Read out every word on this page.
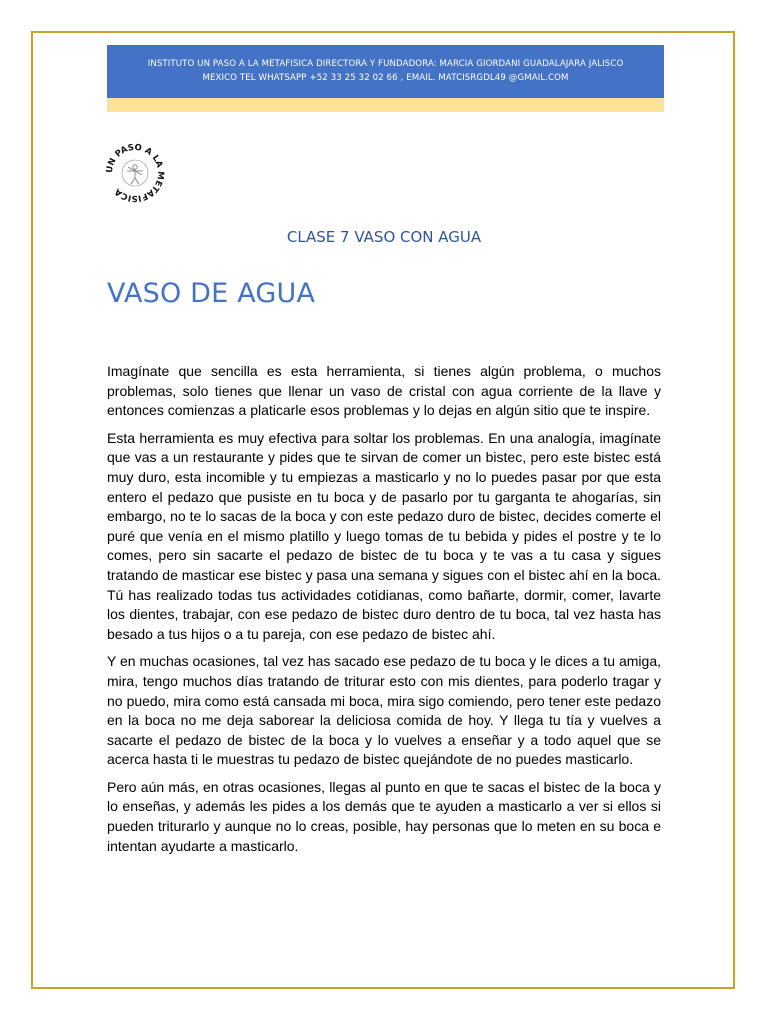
INSTITUTO UN PASO A LA METAFISICA DIRECTORA Y FUNDADORA: MARCIA GIORDANI GUADALAJARA JALISCO
MEXICO TEL WHATSAPP +52 33 25 32 02 66 , EMAIL. MATCISRGDL49 @GMAIL.COM
UN PASO A LA METAFISICA
CLASE 7 VASO CON AGUA
VASO DE AGUA

Imagínate que sencilla es esta herramienta, si tienes algún problema, o muchos problemas, solo tienes que llenar un vaso de cristal con agua corriente de la llave y entonces comienzas a platicarle esos problemas y lo dejas en algún sitio que te inspire.

Esta herramienta es muy efectiva para soltar los problemas. En una analogía, imagínate que vas a un restaurante y pides que te sirvan de comer un bistec, pero este bistec está muy duro, esta incomible y tu empiezas a masticarlo y no lo puedes pasar por que esta entero el pedazo que pusiste en tu boca y de pasarlo por tu garganta te ahogarías, sin embargo, no te lo sacas de la boca y con este pedazo duro de bistec, decides comerte el puré que venía en el mismo platillo y luego tomas de tu bebida y pides el postre y te lo comes, pero sin sacarte el pedazo de bistec de tu boca y te vas a tu casa y sigues tratando de masticar ese bistec y pasa una semana y sigues con el bistec ahí en la boca. Tú has realizado todas tus actividades cotidianas, como bañarte, dormir, comer, lavarte los dientes, trabajar, con ese pedazo de bistec duro dentro de tu boca, tal vez hasta has besado a tus hijos o a tu pareja, con ese pedazo de bistec ahí.

Y en muchas ocasiones, tal vez has sacado ese pedazo de tu boca y le dices a tu amiga, mira, tengo muchos días tratando de triturar esto con mis dientes, para poderlo tragar y no puedo, mira como está cansada mi boca, mira sigo comiendo, pero tener este pedazo en la boca no me deja saborear la deliciosa comida de hoy. Y llega tu tía y vuelves a sacarte el pedazo de bistec de la boca y lo vuelves a enseñar y a todo aquel que se acerca hasta ti le muestras tu pedazo de bistec quejándote de no puedes masticarlo.

Pero aún más, en otras ocasiones, llegas al punto en que te sacas el bistec de la boca y lo enseñas, y además les pides a los demás que te ayuden a masticarlo a ver si ellos si pueden triturarlo y aunque no lo creas, posible, hay personas que lo meten en su boca e intentan ayudarte a masticarlo.
